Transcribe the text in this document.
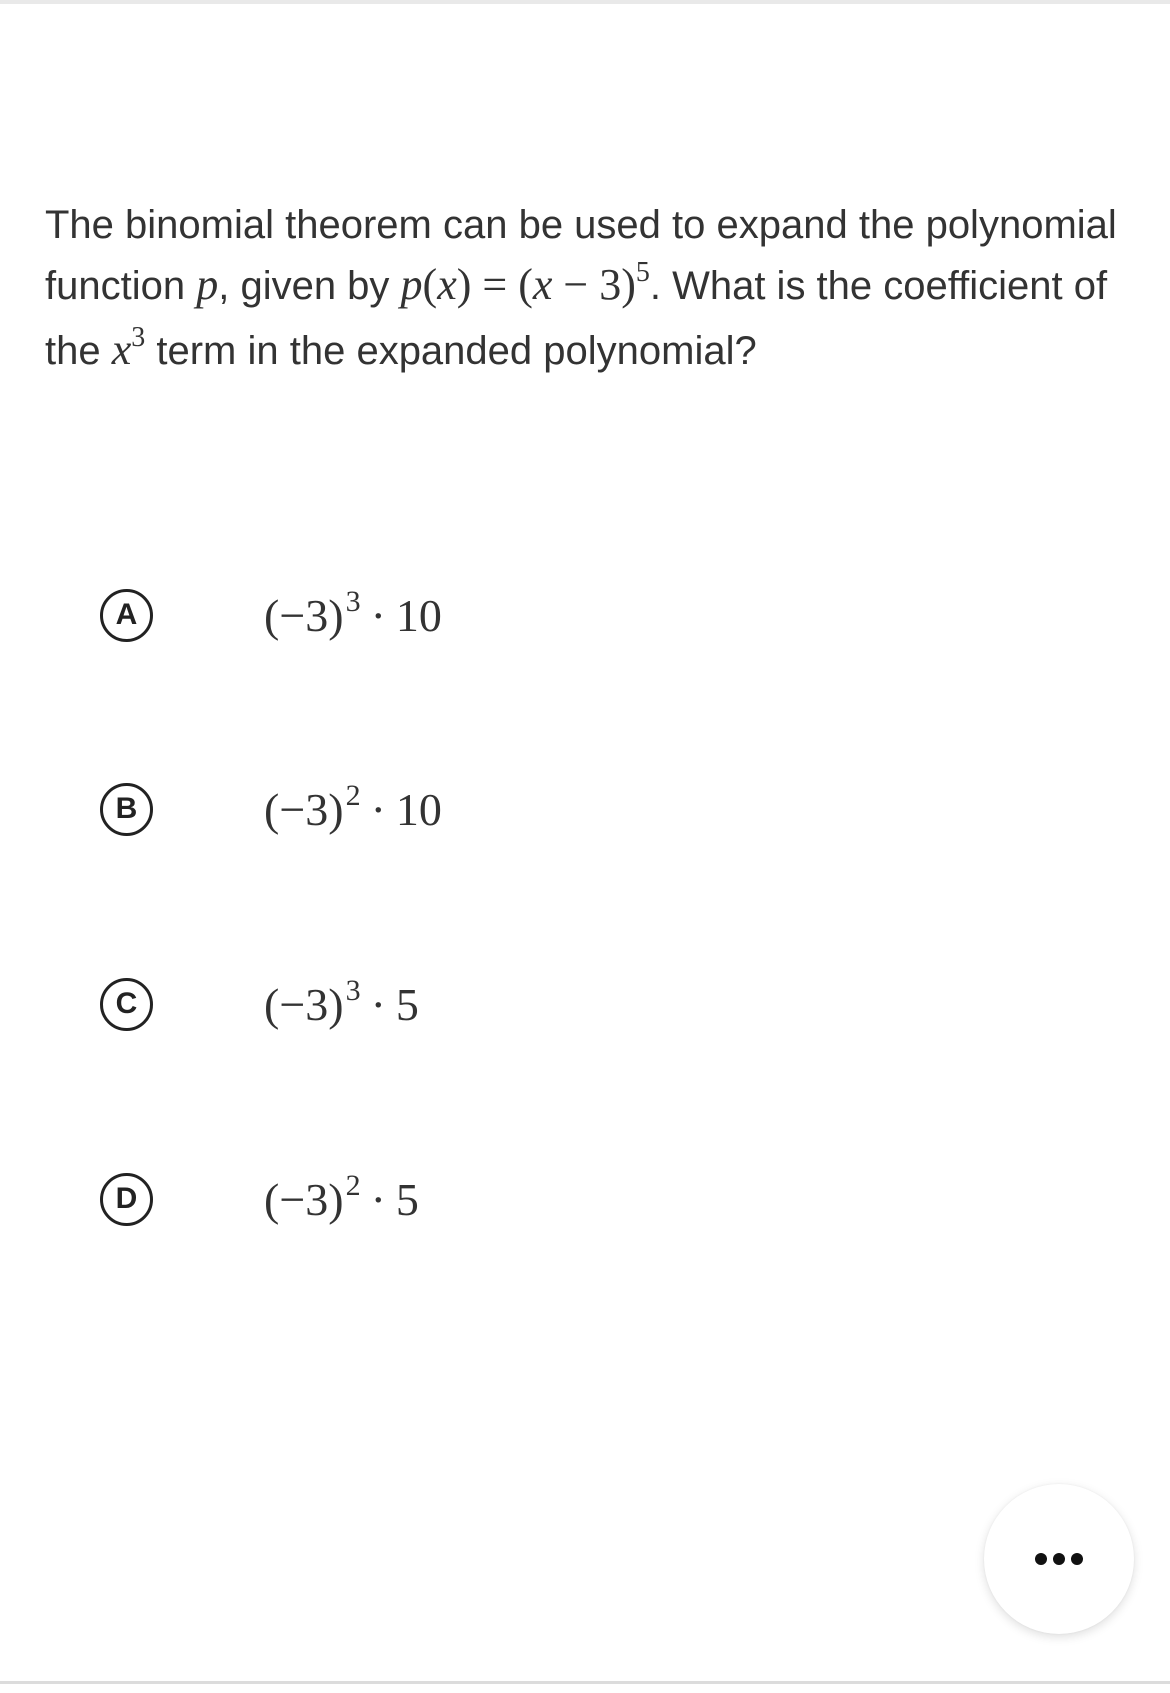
The binomial theorem can be used to expand the polynomial function p, given by $p(x) = (x - 3)^5$. What is the coefficient of the $x^3$ term in the expanded polynomial?
A	$(-3)^3 \cdot 10$
B	$(-3)^2 \cdot 10$
C	$(-3)^3 \cdot 5$
D	$(-3)^2 \cdot 5$
